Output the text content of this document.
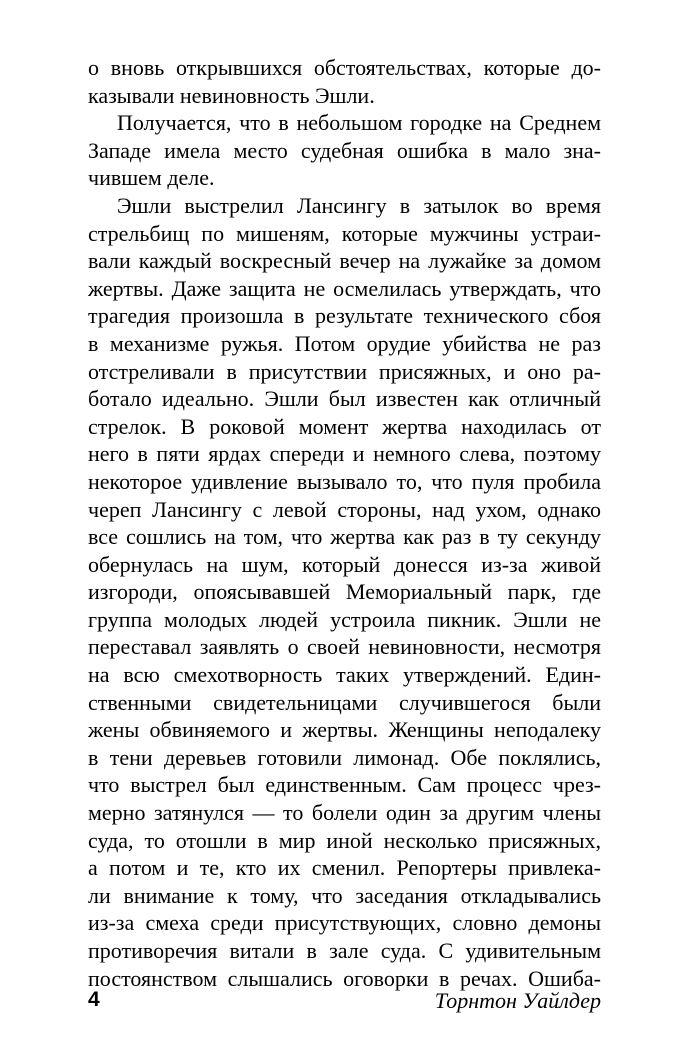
о вновь открывшихся обстоятельствах, которые до-
казывали невиновность Эшли.

Получается, что в небольшом городке на Среднем
Западе имела место судебная ошибка в мало зна-
чившем деле.

Эшли выстрелил Лансингу в затылок во время
стрельбищ по мишеням, которые мужчины устраи-
вали каждый воскресный вечер на лужайке за домом
жертвы. Даже защита не осмелилась утверждать, что
трагедия произошла в результате технического сбоя
в механизме ружья. Потом орудие убийства не раз
отстреливали в присутствии присяжных, и оно ра-
ботало идеально. Эшли был известен как отличный
стрелок. В роковой момент жертва находилась от
него в пяти ярдах спереди и немного слева, поэтому
некоторое удивление вызывало то, что пуля пробила
череп Лансингу с левой стороны, над ухом, однако
все сошлись на том, что жертва как раз в ту секунду
обернулась на шум, который донесся из-за живой
изгороди, опоясывавшей Мемориальный парк, где
группа молодых людей устроила пикник. Эшли не
переставал заявлять о своей невиновности, несмотря
на всю смехотворность таких утверждений. Един-
ственными свидетельницами случившегося были
жены обвиняемого и жертвы. Женщины неподалеку
в тени деревьев готовили лимонад. Обе поклялись,
что выстрел был единственным. Сам процесс чрез-
мерно затянулся — то болели один за другим члены
суда, то отошли в мир иной несколько присяжных,
а потом и те, кто их сменил. Репортеры привлека-
ли внимание к тому, что заседания откладывались
из-за смеха среди присутствующих, словно демоны
противоречия витали в зале суда. С удивительным
постоянством слышались оговорки в речах. Ошиба-

4	Торнтон Уайлдер
